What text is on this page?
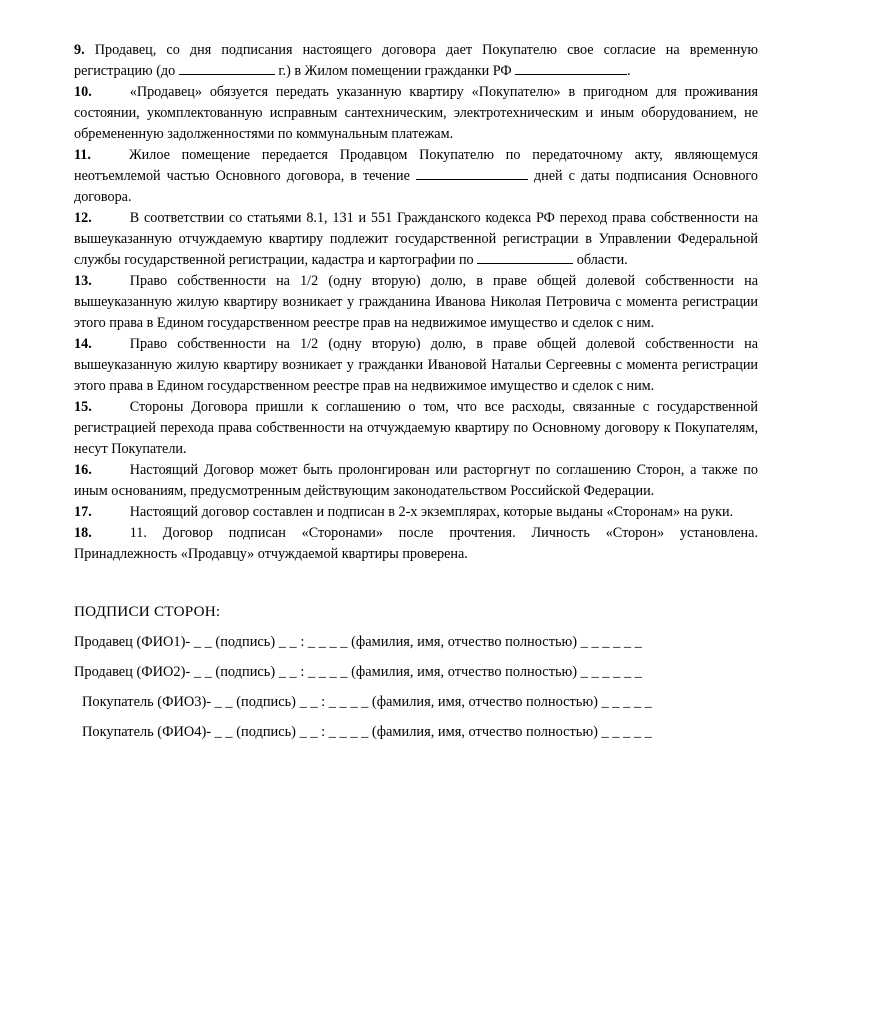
9. Продавец, со дня подписания настоящего договора дает Покупателю свое согласие на временную регистрацию (до	г.) в Жилом помещении гражданки РФ	.

10.	«Продавец» обязуется передать указанную квартиру «Покупателю» в пригодном для проживания состоянии, укомплектованную исправным сантехническим, электротехническим и иным оборудованием, не обремененную задолженностями по коммунальным платежам.

11.	Жилое помещение передается Продавцом Покупателю по передаточному акту, являющемуся неотъемлемой частью Основного договора, в течение	дней с даты подписания Основного договора.

12.	В соответствии со статьями 8.1, 131 и 551 Гражданского кодекса РФ переход права собственности на вышеуказанную отчуждаемую квартиру подлежит государственной регистрации в Управлении Федеральной службы государственной регистрации, кадастра и картографии по	области.

13.	Право собственности на 1/2 (одну вторую) долю, в праве общей долевой собственности на вышеуказанную жилую квартиру возникает у гражданина Иванова Николая Петровича с момента регистрации этого права в Едином государственном реестре прав на недвижимое имущество и сделок с ним.

14.	Право собственности на 1/2 (одну вторую) долю, в праве общей долевой собственности на вышеуказанную жилую квартиру возникает у гражданки Ивановой Натальи Сергеевны с момента регистрации этого права в Едином государственном реестре прав на недвижимое имущество и сделок с ним.

15.	Стороны Договора пришли к соглашению о том, что все расходы, связанные с государственной регистрацией перехода права собственности на отчуждаемую квартиру по Основному договору к Покупателям, несут Покупатели.

16.	Настоящий Договор может быть пролонгирован или расторгнут по соглашению Сторон, а также по иным основаниям, предусмотренным действующим законодательством Российской Федерации.

17.	Настоящий договор составлен и подписан в 2-х экземплярах, которые выданы «Сторонам» на руки.

18.	11. Договор подписан «Сторонами» после прочтения. Личность «Сторон» установлена. Принадлежность «Продавцу» отчуждаемой квартиры проверена.

ПОДПИСИ СТОРОН:
Продавец (ФИО1)- _ _ (подпись) _ _ : _ _ _ _ (фамилия, имя, отчество полностью) _ _ _ _ _ _
Продавец (ФИО2)- _ _ (подпись) _ _ : _ _ _ _ (фамилия, имя, отчество полностью) _ _ _ _ _ _
Покупатель (ФИО3)- _ _ (подпись) _ _ : _ _ _ _ (фамилия, имя, отчество полностью) _ _ _ _ _
Покупатель (ФИО4)- _ _ (подпись) _ _ : _ _ _ _ (фамилия, имя, отчество полностью) _ _ _ _ _
